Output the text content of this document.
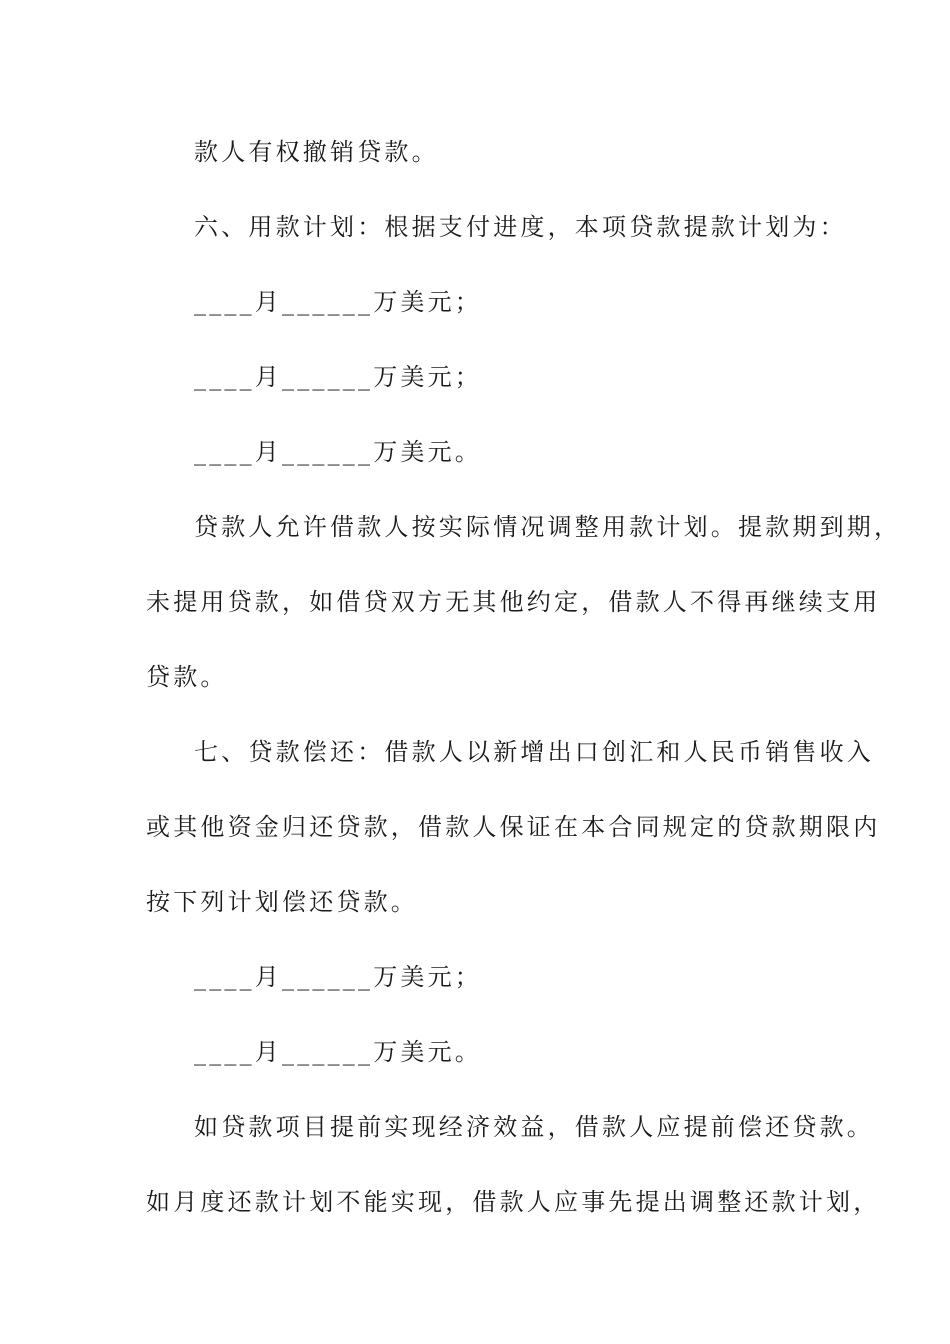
款人有权撤销贷款。
六、用款计划：根据支付进度，本项贷款提款计划为：
____月______万美元；
____月______万美元；
____月______万美元。
贷款人允许借款人按实际情况调整用款计划。提款期到期，
未提用贷款，如借贷双方无其他约定，借款人不得再继续支用
贷款。
七、贷款偿还：借款人以新增出口创汇和人民币销售收入
或其他资金归还贷款，借款人保证在本合同规定的贷款期限内
按下列计划偿还贷款。
____月______万美元；
____月______万美元。
如贷款项目提前实现经济效益，借款人应提前偿还贷款。
如月度还款计划不能实现，借款人应事先提出调整还款计划，
